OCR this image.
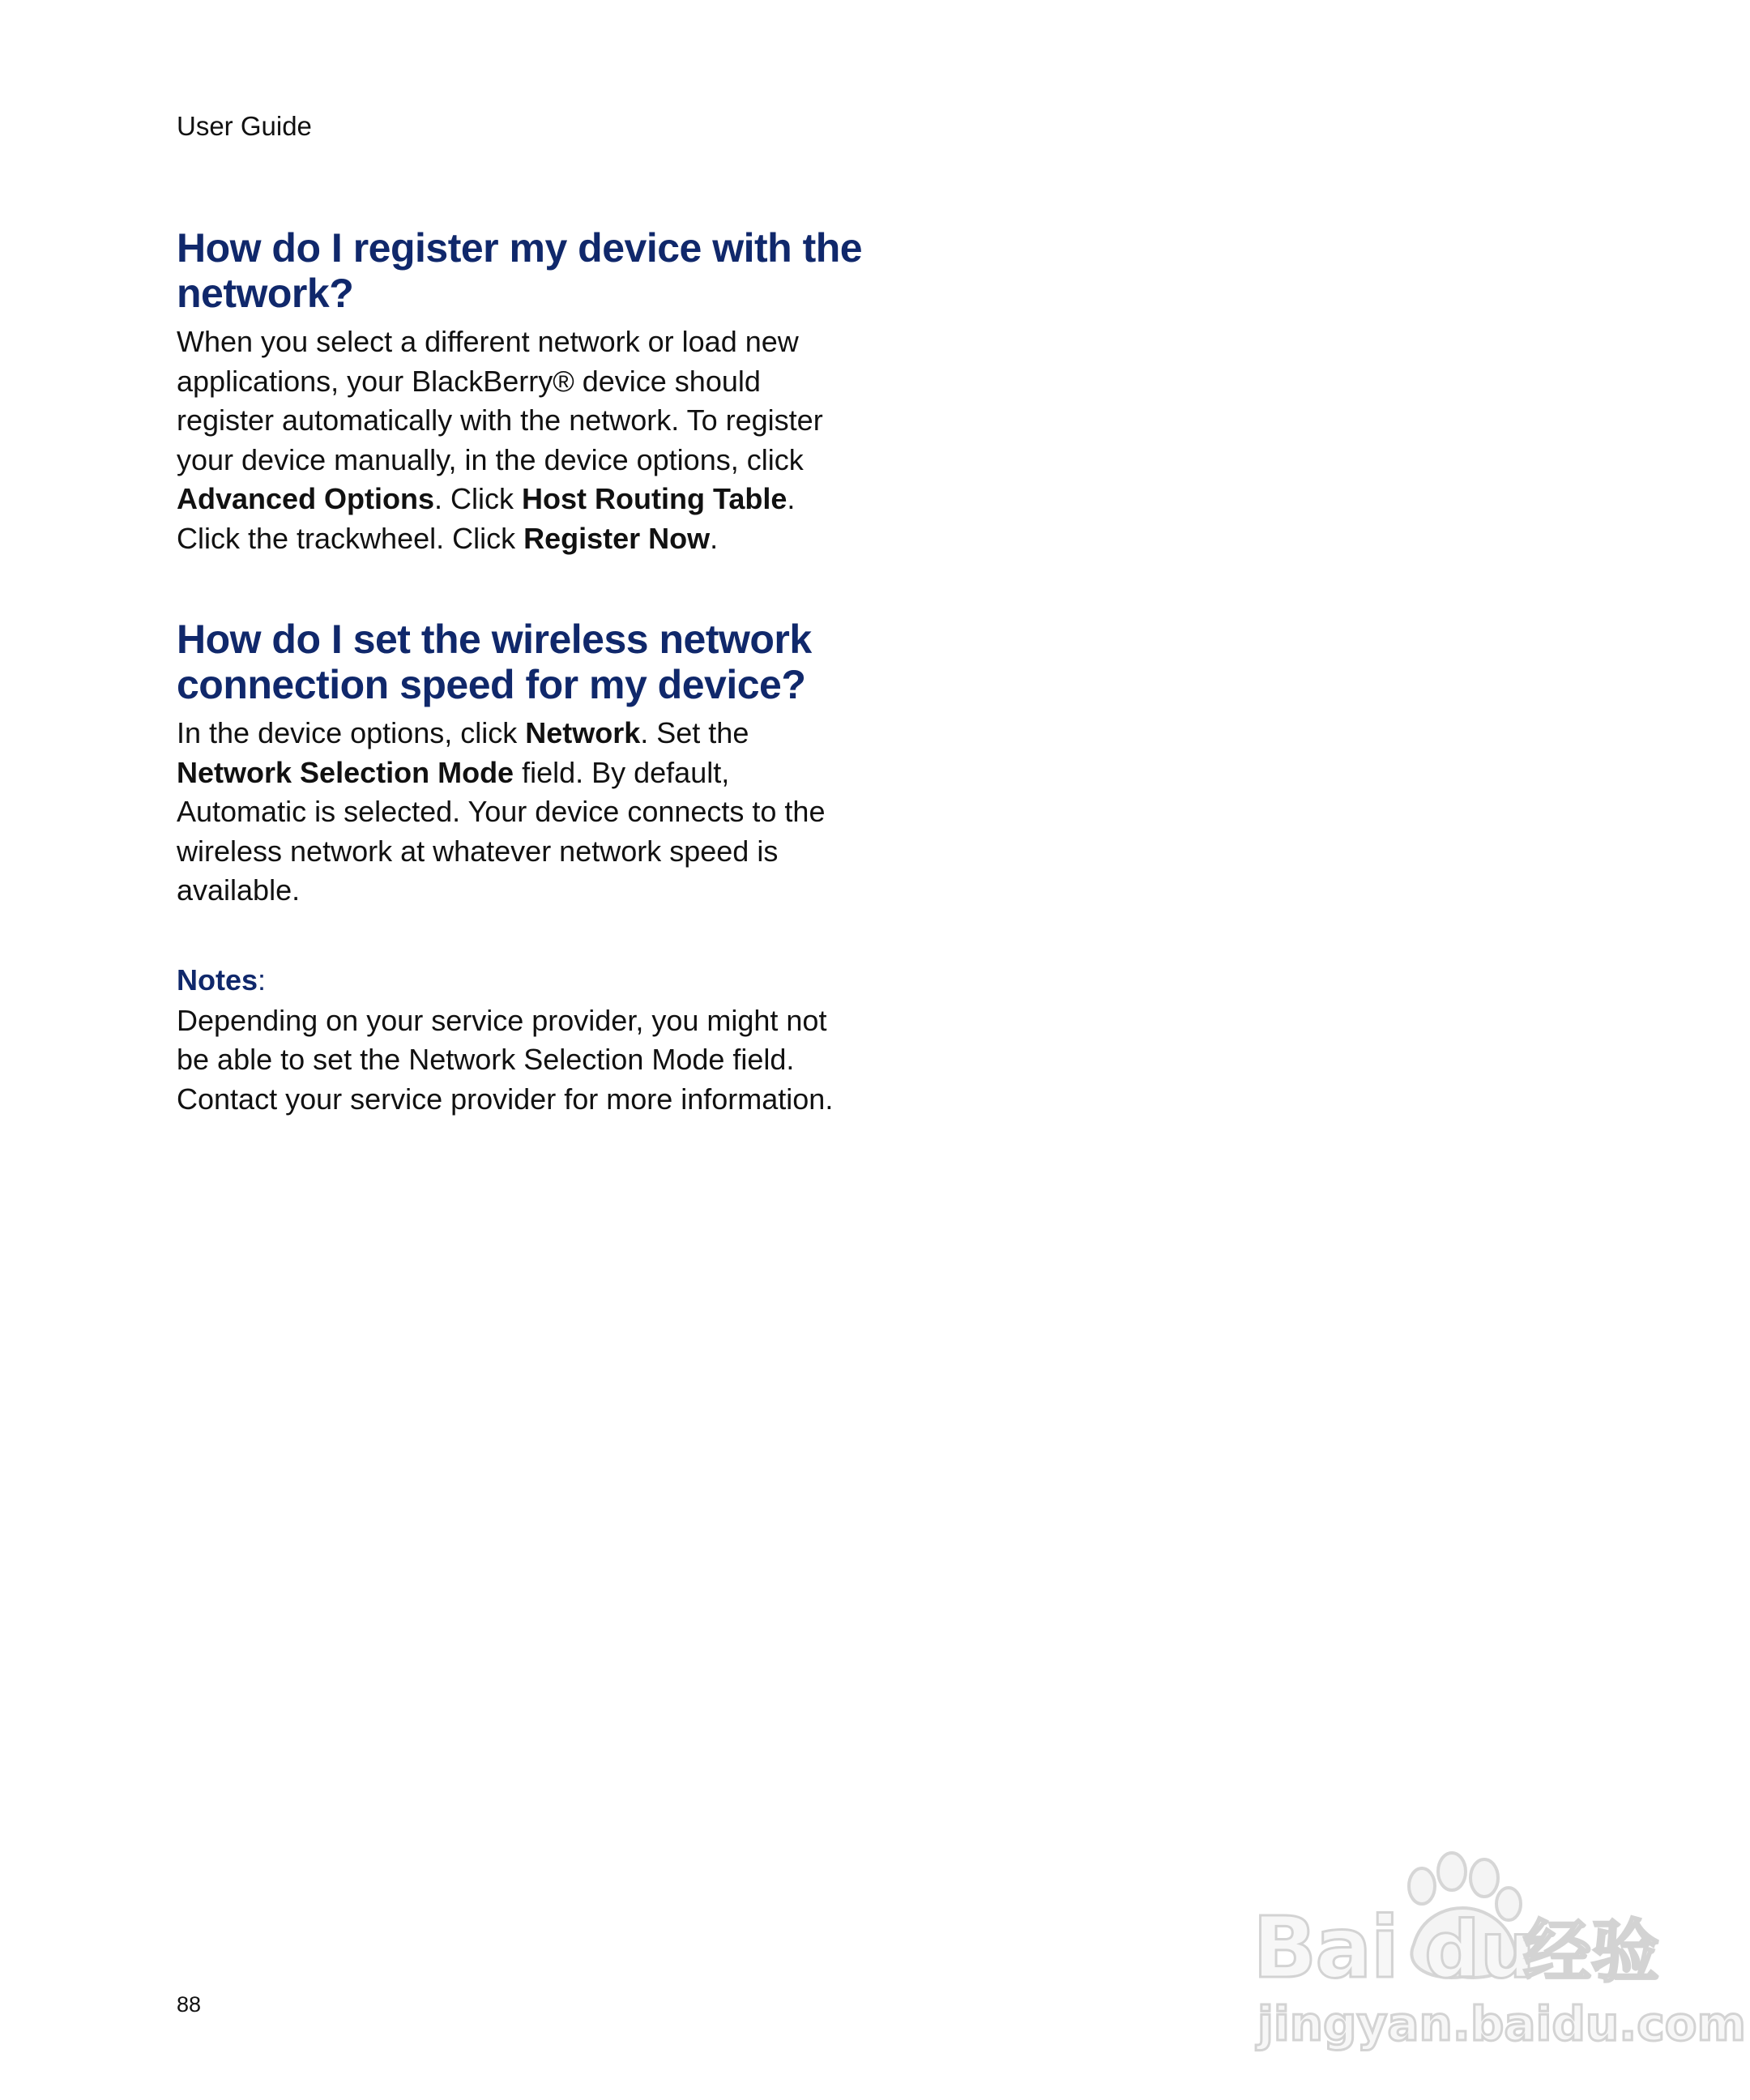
User Guide
How do I register my device with the network?

When you select a different network or load new applications, your BlackBerry® device should register automatically with the network. To register your device manually, in the device options, click Advanced Options. Click Host Routing Table. Click the trackwheel. Click Register Now.

How do I set the wireless network connection speed for my device?

In the device options, click Network. Set the Network Selection Mode field. By default, Automatic is selected. Your device connects to the wireless network at whatever network speed is available.

Notes:

Depending on your service provider, you might not be able to set the Network Selection Mode field. Contact your service provider for more information.

88
Bai du
经验
jingyan.baidu.com
